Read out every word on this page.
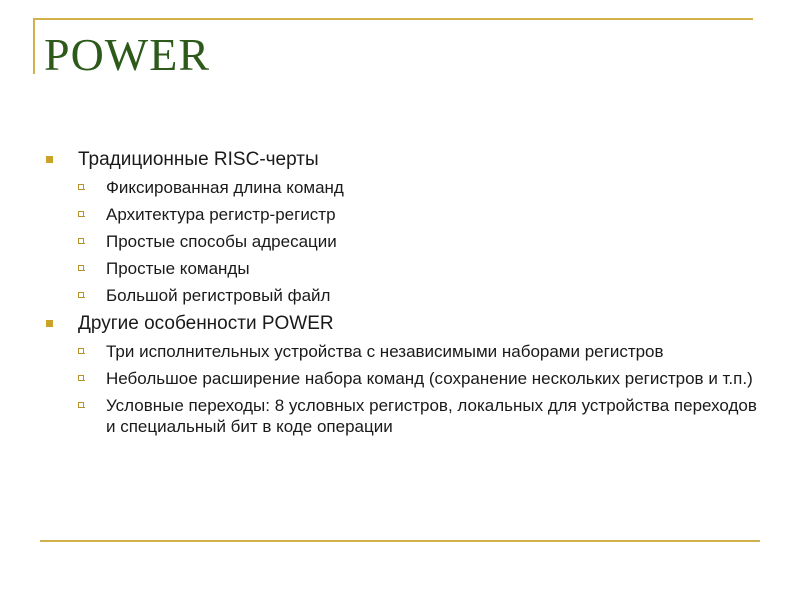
POWER
Традиционные RISC-черты
Фиксированная длина команд
Архитектура регистр-регистр
Простые способы адресации
Простые команды
Большой регистровый файл
Другие особенности POWER
Три исполнительных устройства с независимыми наборами регистров
Небольшое расширение набора команд (сохранение нескольких регистров и т.п.)
Условные переходы: 8 условных регистров, локальных для устройства переходов и специальный бит в коде операции
